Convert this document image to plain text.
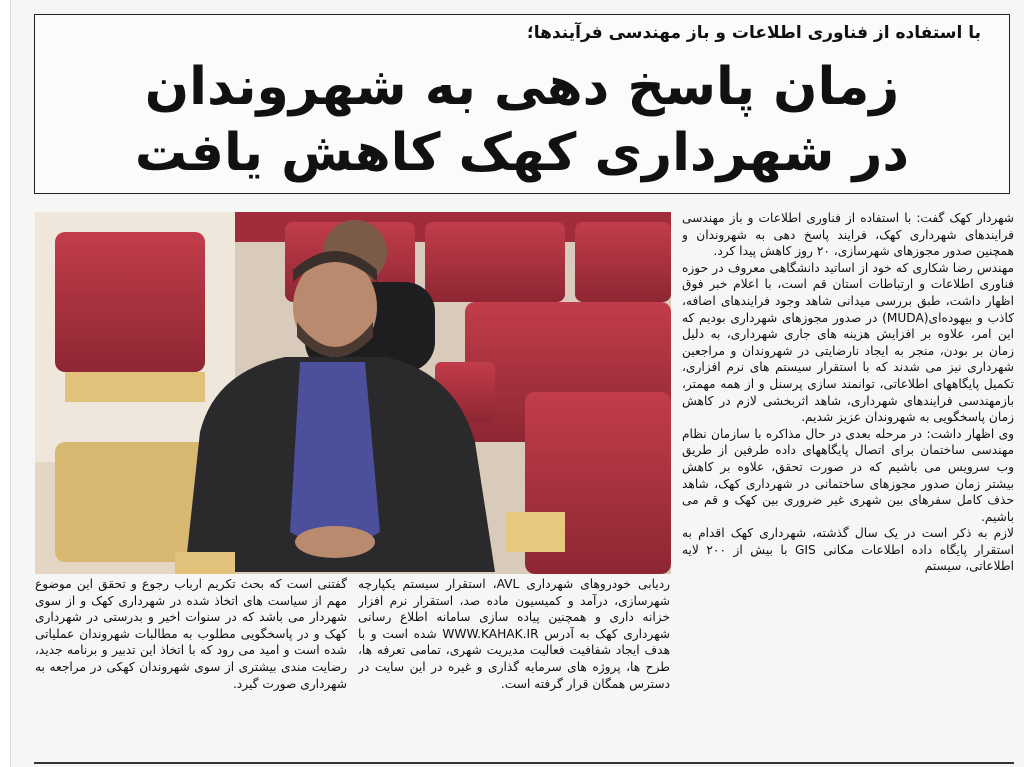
با استفاده از فناوری اطلاعات و باز مهندسی فرآیندها؛
زمان پاسخ دهی به شهروندان
در شهرداری کهک کاهش یافت

شهردار کهک گفت: با استفاده از فناوری اطلاعات و باز مهندسی فرایندهای شهرداری کهک، فرایند پاسخ دهی به شهروندان و همچنین صدور مجوزهای شهرسازی، ۲۰ روز کاهش پیدا کرد.

مهندس رضا شکاری که خود از اساتید دانشگاهی معروف در حوزه فناوری اطلاعات و ارتباطات استان قم است، با اعلام خبر فوق اظهار داشت، طبق بررسی میدانی شاهد وجود فرایندهای اضافه، کاذب و بیهوده‌ای(MUDA) در صدور مجوزهای شهرداری بودیم که این امر، علاوه بر افزایش هزینه های جاری شهرداری، به دلیل زمان بر بودن، منجر به ایجاد نارضایتی در شهروندان و مراجعین شهرداری نیز می شدند که با استقرار سیستم های نرم افزاری، تکمیل پایگاههای اطلاعاتی، توانمند سازی پرسنل و از همه مهمتر، بازمهندسی فرایندهای شهرداری، شاهد اثربخشی لازم در کاهش زمان پاسخگویی به شهروندان عزیز شدیم.

وی اظهار داشت: در مرحله بعدی در حال مذاکره با سازمان نظام مهندسی ساختمان برای اتصال پایگاههای داده طرفین از طریق وب سرویس می باشیم که در صورت تحقق، علاوه بر کاهش بیشتر زمان صدور مجوزهای ساختمانی در شهرداری کهک، شاهد حذف کامل سفرهای بین شهری غیر ضروری بین کهک و قم می باشیم.

لازم به ذکر است در یک سال گذشته، شهرداری کهک اقدام به استقرار پایگاه داده اطلاعات مکانی GIS با بیش از ۲۰۰ لایه اطلاعاتی، سیستم

ردیابی خودروهای شهرداری AVL، استقرار سیستم یکپارچه شهرسازی، درآمد و کمیسیون ماده صد، استقرار نرم افزار خزانه داری و همچنین پیاده سازی سامانه اطلاع رسانی شهرداری کهک به آدرس WWW.KAHAK.IR شده است و با هدف ایجاد شفافیت فعالیت مدیریت شهری، تمامی تعرفه ها، طرح ها، پروژه های سرمایه گذاری و غیره در این سایت در دسترس همگان قرار گرفته است.

گفتنی است که بحث تکریم ارباب رجوع و تحقق این موضوع مهم از سیاست های اتخاذ شده در شهرداری کهک و از سوی شهردار می باشد که در سنوات اخیر و بدرستی در شهرداری کهک و در پاسخگویی مطلوب به مطالبات شهروندان عملیاتی شده است و امید می رود که با اتخاذ این تدبیر و برنامه جدید، رضایت مندی بیشتری از سوی شهروندان کهکی در مراجعه به شهرداری صورت گیرد.
